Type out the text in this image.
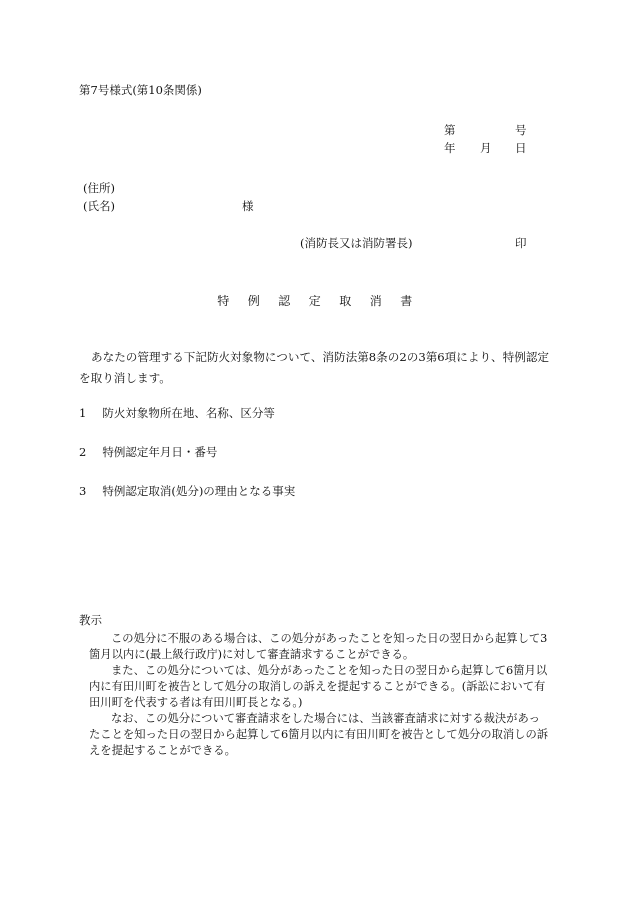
第7号様式(第10条関係)
第	号
年 月 日
(住所)
(氏名)	様
(消防長又は消防署長)	印
特 例 認 定 取 消 書
あなたの管理する下記防火対象物について、消防法第8条の2の3第6項により、特例認定を取り消します。
1 防火対象物所在地、名称、区分等
2 特例認定年月日・番号
3 特例認定取消(処分)の理由となる事実
教示

この処分に不服のある場合は、この処分があったことを知った日の翌日から起算して3箇月以内に(最上級行政庁)に対して審査請求することができる。

また、この処分については、処分があったことを知った日の翌日から起算して6箇月以内に有田川町を被告として処分の取消しの訴えを提起することができる。(訴訟において有田川町を代表する者は有田川町長となる。)

なお、この処分について審査請求をした場合には、当該審査請求に対する裁決があったことを知った日の翌日から起算して6箇月以内に有田川町を被告として処分の取消しの訴えを提起することができる。
